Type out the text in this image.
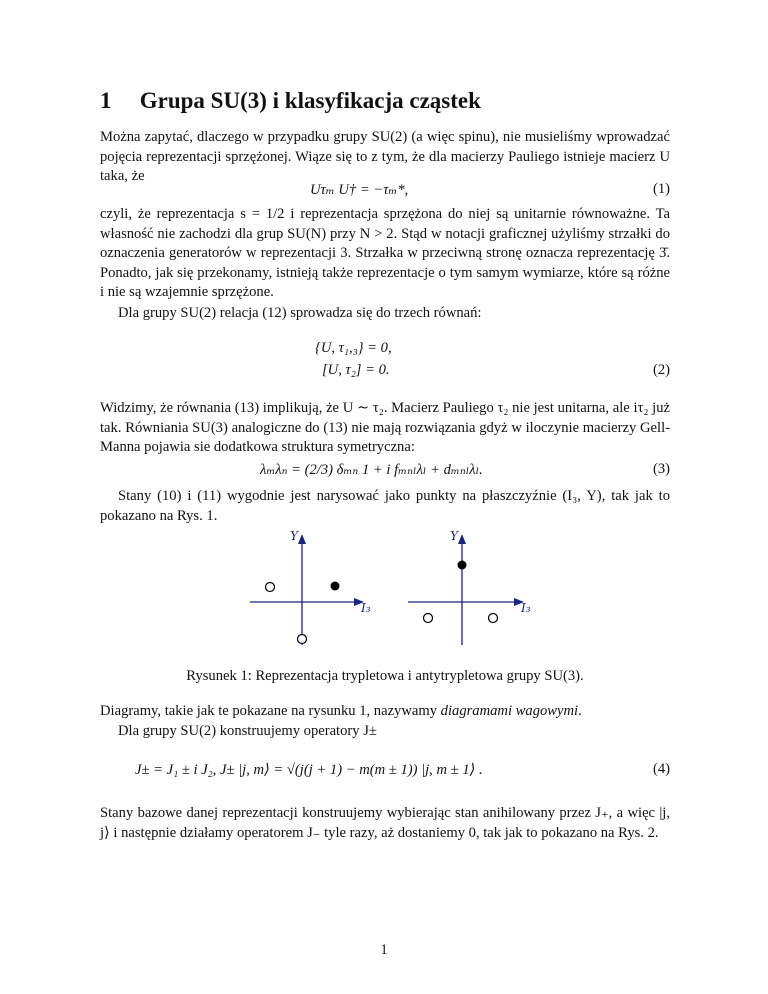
1 Grupa SU(3) i klasyfikacja cząstek
Można zapytać, dlaczego w przypadku grupy SU(2) (a więc spinu), nie musieliśmy wprowadzać pojęcia reprezentacji sprzężonej. Wiąze się to z tym, że dla macierzy Pauliego istnieje macierz U taka, że
Uτₘ U† = −τₘ*,	(1)
czyli, że reprezentacja s = 1/2 i reprezentacja sprzężona do niej są unitarnie równoważne. Ta własność nie zachodzi dla grup SU(N) przy N > 2. Stąd w notacji graficznej użyliśmy strzałki do oznaczenia generatorów w reprezentacji 3. Strzałka w przeciwną stronę oznacza reprezentację 3̄. Ponadto, jak się przekonamy, istnieją także reprezentacje o tym samym wymiarze, które są różne i nie są wzajemnie sprzężone.
Dla grupy SU(2) relacja (12) sprowadza się do trzech równań:
{U, τ₁,₃} = 0,
[U, τ₂] = 0.	(2)
Widzimy, że równania (13) implikują, że U ∼ τ₂. Macierz Pauliego τ₂ nie jest unitarna, ale iτ₂ już tak. Równiania SU(3) analogiczne do (13) nie mają rozwiązania gdyż w iloczynie macierzy Gell-Manna pojawia sie dodatkowa struktura symetryczna:
λₘλₙ = (2/3) δₘₙ 1 + i fₘₙₗλₗ + dₘₙₗλₗ.	(3)
Stany (10) i (11) wygodnie jest narysować jako punkty na płaszczyźnie (I₃, Y), tak jak to pokazano na Rys. 1.
Y
I₃
Y
I₃
Rysunek 1: Reprezentacja trypletowa i antytrypletowa grupy SU(3).
Diagramy, takie jak te pokazane na rysunku 1, nazywamy diagramami wagowymi.
Dla grupy SU(2) konstruujemy operatory J±
J± = J₁ ± i J₂, J± |j, m⟩ = √(j(j + 1) − m(m ± 1)) |j, m ± 1⟩ .	(4)
Stany bazowe danej reprezentacji konstruujemy wybierając stan anihilowany przez J₊, a więc |j, j⟩ i następnie działamy operatorem J₋ tyle razy, aż dostaniemy 0, tak jak to pokazano na Rys. 2.
1
